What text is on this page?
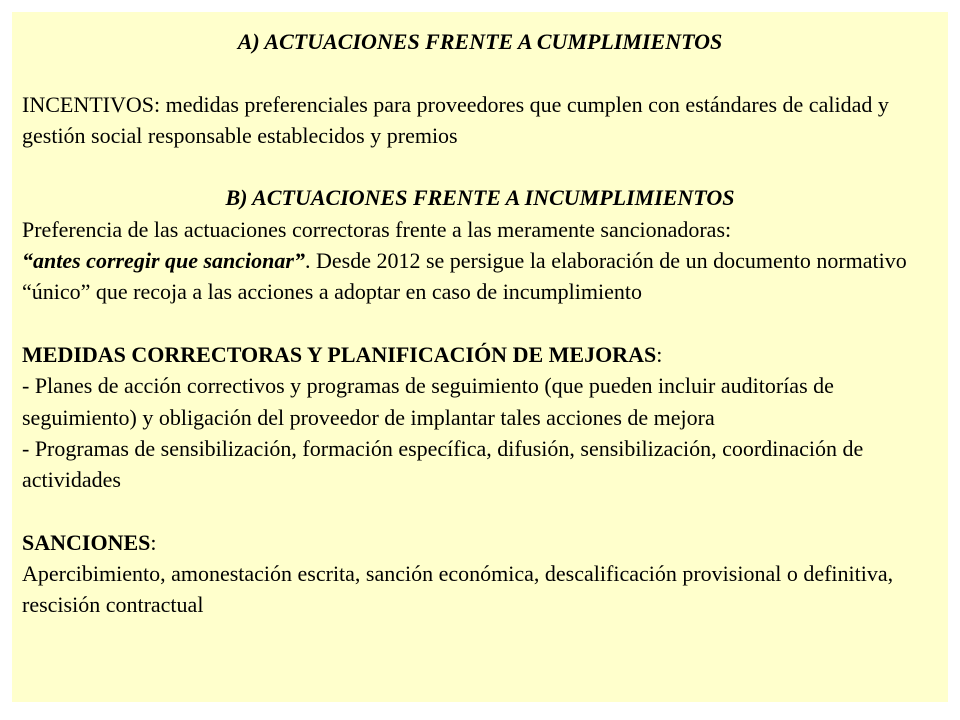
A) ACTUACIONES FRENTE A CUMPLIMIENTOS
INCENTIVOS: medidas preferenciales para proveedores que cumplen con estándares de calidad y gestión social responsable establecidos y premios
B) ACTUACIONES FRENTE A INCUMPLIMIENTOS
Preferencia de las actuaciones correctoras frente a las meramente sancionadoras:
“antes corregir que sancionar”. Desde 2012 se persigue la elaboración de un documento normativo “único” que recoja a las acciones a adoptar en caso de incumplimiento
MEDIDAS CORRECTORAS Y PLANIFICACIÓN DE MEJORAS:
- Planes de acción correctivos y programas de seguimiento (que pueden incluir auditorías de seguimiento) y obligación del proveedor de implantar tales acciones de mejora
- Programas de sensibilización, formación específica, difusión, sensibilización, coordinación de actividades
SANCIONES:
Apercibimiento, amonestación escrita, sanción económica, descalificación provisional o definitiva, rescisión contractual
